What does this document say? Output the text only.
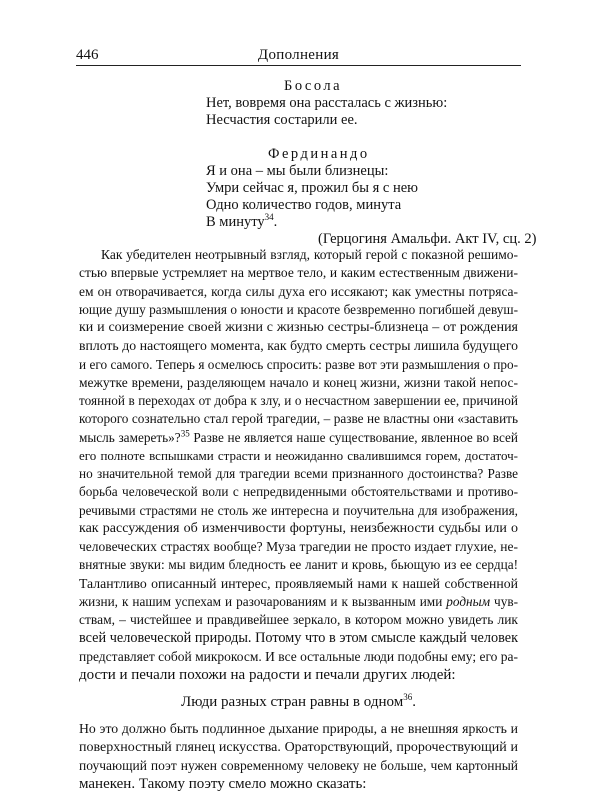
446	Дополнения

Босола

Нет, вовремя она рассталась с жизнью:

Несчастия состарили ее.

Фердинандо

Я и она – мы были близнецы:

Умри сейчас я, прожил бы я с нею

Одно количество годов, минута

В минуту$^{34}$.

(Герцогиня Амальфи. Акт IV, сц. 2)

Как убедителен неотрывный взгляд, который герой с показной решимо-

стью впервые устремляет на мертвое тело, и каким естественным движени-

ем он отворачивается, когда силы духа его иссякают; как уместны потрясa-

ющие душу размышления о юности и красоте безвременно погибшей девуш-

ки и соизмерение своей жизни с жизнью сестры-близнеца – от рождения

вплоть до настоящего момента, как будто смерть сестры лишила будущего

и его самого. Теперь я осмелюсь спросить: разве вот эти размышления о про-

межутке времени, разделяющем начало и конец жизни, жизни такой непос-

тоянной в переходах от добра к злу, и о несчастном завершении ее, причиной

которого сознательно стал герой трагедии, – разве не властны они «заставить

мысль замереть»?$^{35}$ Разве не является наше существование, явленное во всей

его полноте вспышками страсти и неожиданно свалившимся горем, достаточ-

но значительной темой для трагедии всеми признанного достоинства? Разве

борьба человеческой воли с непредвиденными обстоятельствами и противо-

речивыми страстями не столь же интересна и поучительна для изображения,

как рассуждения об изменчивости фортуны, неизбежности судьбы или о

человеческих страстях вообще? Муза трагедии не просто издает глухие, не-

внятные звуки: мы видим бледность ее ланит и кровь, бьющую из ее сердца!

Талантливо описанный интерес, проявляемый нами к нашей собственной

жизни, к нашим успехам и разочарованиям и к вызванным ими родным чув-

ствам, – чистейшее и правдивейшее зеркало, в котором можно увидеть лик

всей человеческой природы. Потому что в этом смысле каждый человек

представляет собой микрокосм. И все остальные люди подобны ему; его ра-

дости и печали похожи на радости и печали других людей:

Люди разных стран равны в одном$^{36}$.

Но это должно быть подлинное дыхание природы, а не внешняя яркость и

поверхностный глянец искусства. Ораторствующий, пророчествующий и

поучающий поэт нужен современному человеку не больше, чем картонный

манекен. Такому поэту смело можно сказать:
